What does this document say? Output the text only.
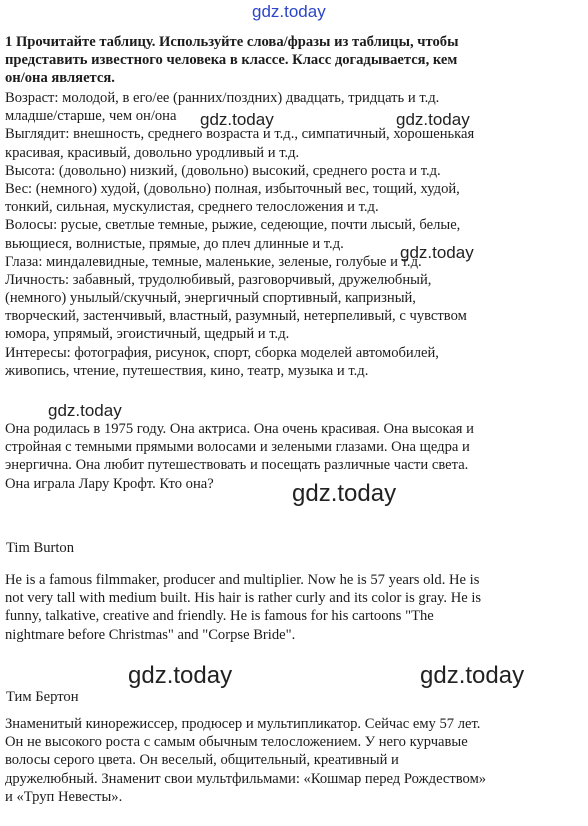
gdz.today
1 Прочитайте таблицу. Используйте слова/фразы из таблицы, чтобы
представить известного человека в классе. Класс догадывается, кем
он/она является.
Возраст: молодой, в его/ее (ранних/поздних) двадцать, тридцать и т.д.
младше/старше, чем он/она
Выглядит: внешность, среднего возраста и т.д., симпатичный, хорошенькая
красивая, красивый, довольно уродливый и т.д.
Высота: (довольно) низкий, (довольно) высокий, среднего роста и т.д.
Вес: (немного) худой, (довольно) полная, избыточный вес, тощий, худой,
тонкий, сильная, мускулистая, среднего телосложения и т.д.
Волосы: русые, светлые темные, рыжие, седеющие, почти лысый, белые,
вьющиеся, волнистые, прямые, до плеч длинные и т.д.
Глаза: миндалевидные, темные, маленькие, зеленые, голубые и т.д.
Личность: забавный, трудолюбивый, разговорчивый, дружелюбный,
(немного) унылый/скучный, энергичный спортивный, капризный,
творческий, застенчивый, властный, разумный, нетерпеливый, с чувством
юмора, упрямый, эгоистичный, щедрый и т.д.
Интересы: фотография, рисунок, спорт, сборка моделей автомобилей,
живопись, чтение, путешествия, кино, театр, музыка и т.д.
Она родилась в 1975 году. Она актриса. Она очень красивая. Она высокая и
стройная с темными прямыми волосами и зелеными глазами. Она щедра и
энергична. Она любит путешествовать и посещать различные части света.
Она играла Лару Крофт. Кто она?
Tim Burton
He is a famous filmmaker, producer and multiplier. Now he is 57 years old. He is
not very tall with medium built. His hair is rather curly and its color is gray. He is
funny, talkative, creative and friendly. He is famous for his cartoons "The
nightmare before Christmas" and "Corpse Bride".
Тим Бертон
Знаменитый кинорежиссер, продюсер и мультипликатор. Сейчас ему 57 лет.
Он не высокого роста с самым обычным телосложением. У него курчавые
волосы серого цвета. Он веселый, общительный, креативный и
дружелюбный. Знаменит свои мультфильмами: «Кошмар перед Рождеством»
и «Труп Невесты».
gdz.today	gdz.today
gdz.today
gdz.today
gdz.today
gdz.today	gdz.today
